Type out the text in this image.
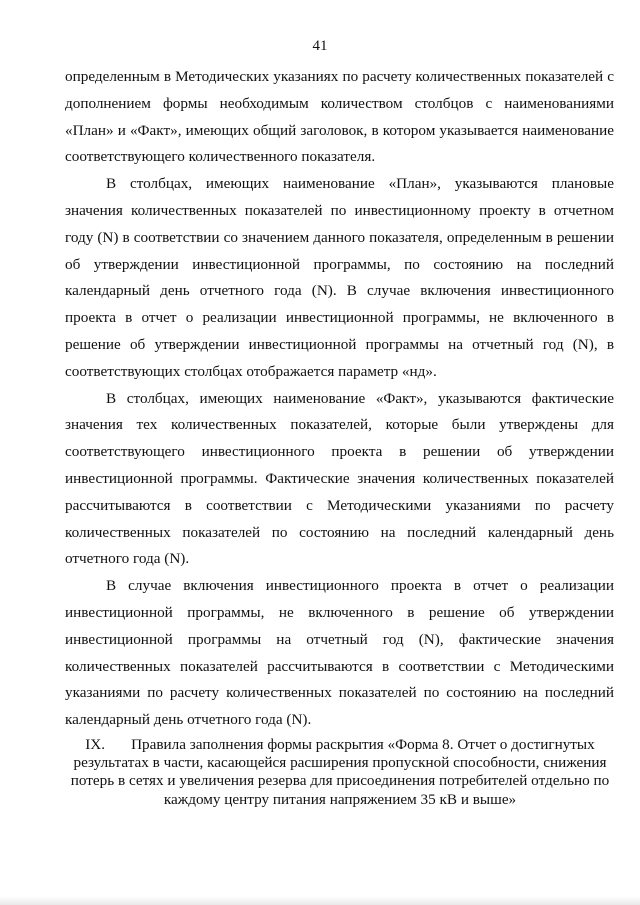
41

определенным в Методических указаниях по расчету количественных показателей с дополнением формы необходимым количеством столбцов с наименованиями «План» и «Факт», имеющих общий заголовок, в котором указывается наименование соответствующего количественного показателя.

В столбцах, имеющих наименование «План», указываются плановые значения количественных показателей по инвестиционному проекту в отчетном году (N) в соответствии со значением данного показателя, определенным в решении об утверждении инвестиционной программы, по состоянию на последний календарный день отчетного года (N). В случае включения инвестиционного проекта в отчет о реализации инвестиционной программы, не включенного в решение об утверждении инвестиционной программы на отчетный год (N), в соответствующих столбцах отображается параметр «нд».

В столбцах, имеющих наименование «Факт», указываются фактические значения тех количественных показателей, которые были утверждены для соответствующего инвестиционного проекта в решении об утверждении инвестиционной программы. Фактические значения количественных показателей рассчитываются в соответствии с Методическими указаниями по расчету количественных показателей по состоянию на последний календарный день отчетного года (N).

В случае включения инвестиционного проекта в отчет о реализации инвестиционной программы, не включенного в решение об утверждении инвестиционной программы на отчетный год (N), фактические значения количественных показателей рассчитываются в соответствии с Методическими указаниями по расчету количественных показателей по состоянию на последний календарный день отчетного года (N).

IX. Правила заполнения формы раскрытия «Форма 8. Отчет о достигнутых результатах в части, касающейся расширения пропускной способности, снижения потерь в сетях и увеличения резерва для присоединения потребителей отдельно по каждому центру питания напряжением 35 кВ и выше»
